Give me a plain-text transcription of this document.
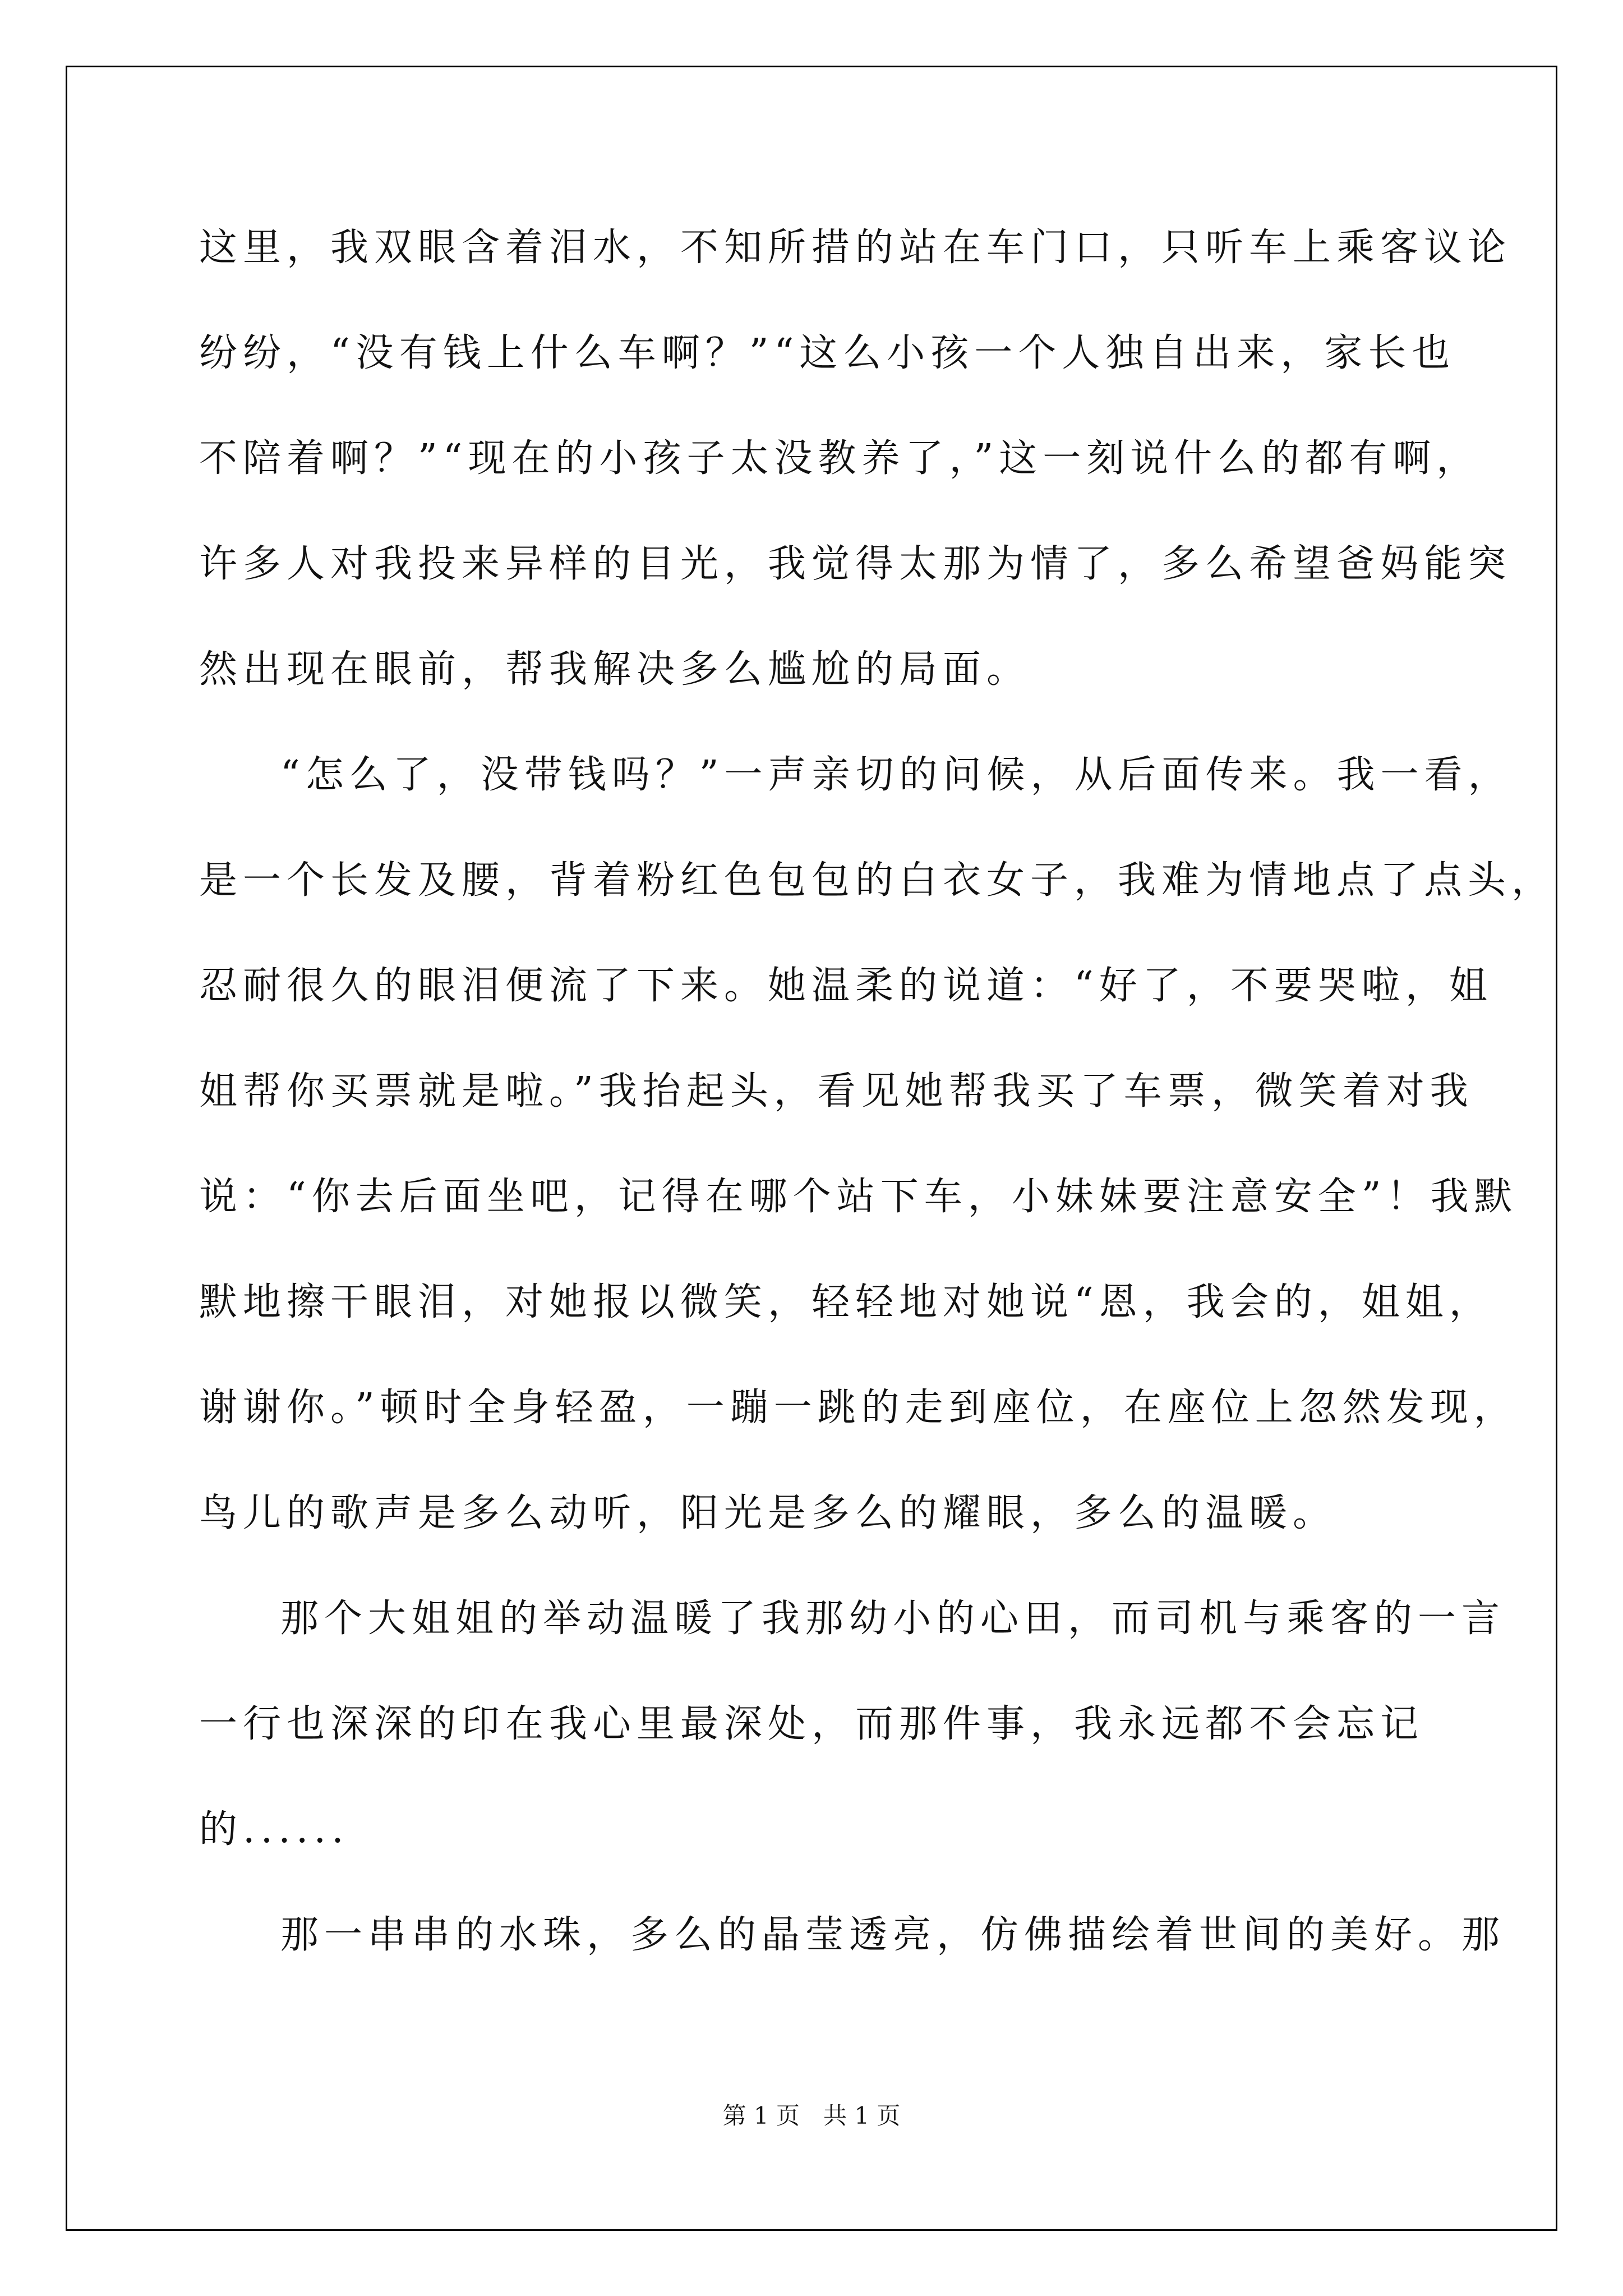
这里，我双眼含着泪水，不知所措的站在车门口，只听车上乘客议论
纷纷，“没有钱上什么车啊？”“这么小孩一个人独自出来，家长也
不陪着啊？”“现在的小孩子太没教养了，”这一刻说什么的都有啊，
许多人对我投来异样的目光，我觉得太那为情了，多么希望爸妈能突
然出现在眼前，帮我解决多么尴尬的局面。
“怎么了，没带钱吗？”一声亲切的问候，从后面传来。我一看，
是一个长发及腰，背着粉红色包包的白衣女子，我难为情地点了点头，
忍耐很久的眼泪便流了下来。她温柔的说道：“好了，不要哭啦，姐
姐帮你买票就是啦。”我抬起头，看见她帮我买了车票，微笑着对我
说：“你去后面坐吧，记得在哪个站下车，小妹妹要注意安全”！我默
默地擦干眼泪，对她报以微笑，轻轻地对她说“恩，我会的，姐姐，
谢谢你。”顿时全身轻盈，一蹦一跳的走到座位，在座位上忽然发现，
鸟儿的歌声是多么动听，阳光是多么的耀眼，多么的温暖。
那个大姐姐的举动温暖了我那幼小的心田，而司机与乘客的一言
一行也深深的印在我心里最深处，而那件事，我永远都不会忘记
的......
那一串串的水珠，多么的晶莹透亮，仿佛描绘着世间的美好。那
第 1 页　共 1 页
